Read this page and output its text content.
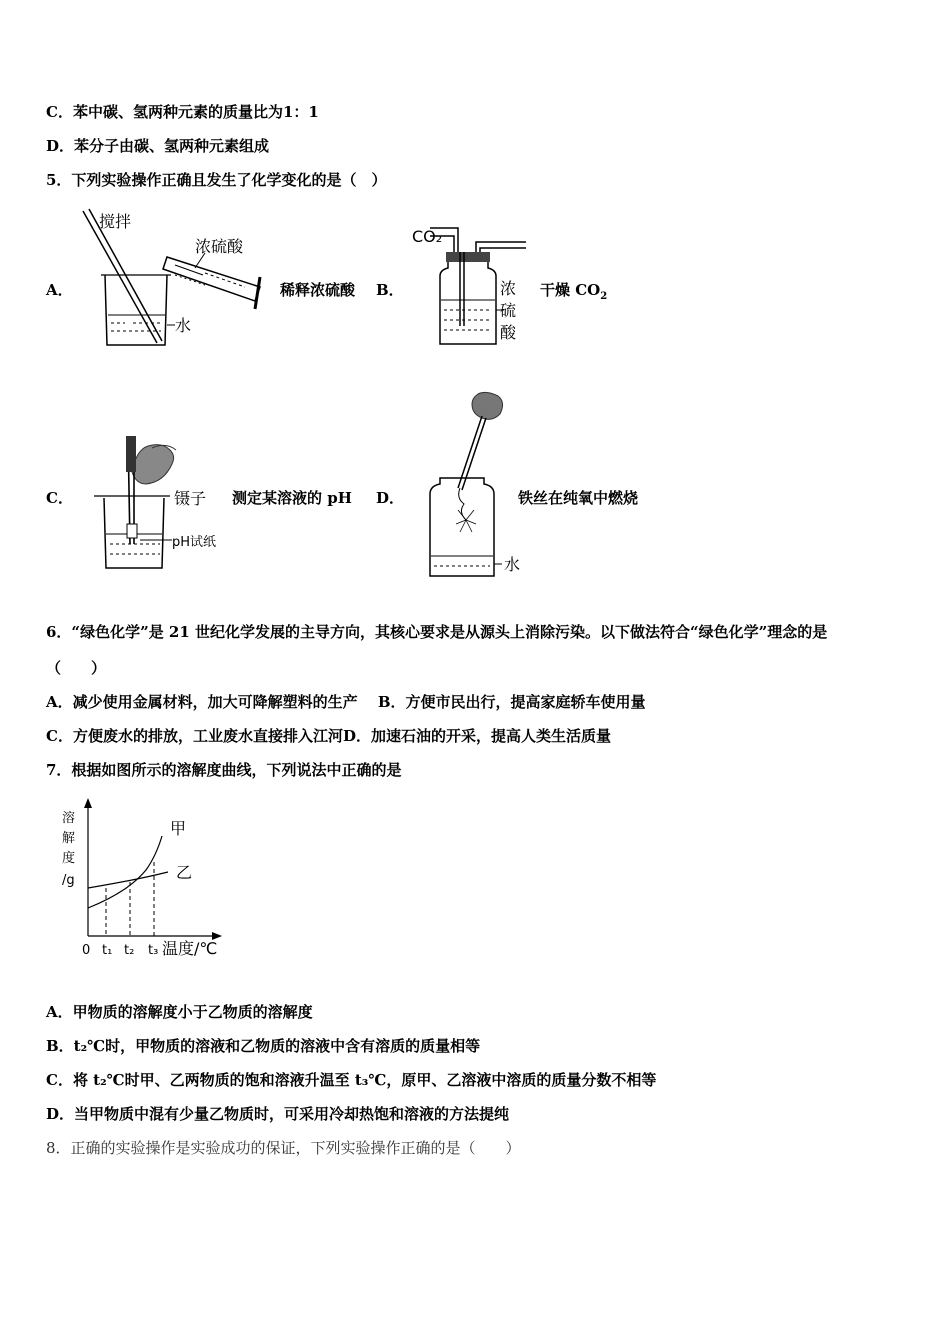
C．苯中碳、氢两种元素的质量比为1：1
D．苯分子由碳、氢两种元素组成
5．下列实验操作正确且发生了化学变化的是（　）
A．
搅拌
浓硫酸
水
稀释浓硫酸 B．
CO₂
浓
硫
酸
干燥 $CO_2$
C．	镊子
pH试纸
测定某溶液的 pH D．
水
铁丝在纯氧中燃烧
6．“绿色化学”是 21 世纪化学发展的主导方向，其核心要求是从源头上消除污染。以下做法符合“绿色化学”理念的是
（　　）
A．减少使用金属材料，加大可降解塑料的生产　 B．方便市民出行，提高家庭轿车使用量
C．方便废水的排放，工业废水直接排入江河D．加速石油的开采，提高人类生活质量
7．根据如图所示的溶解度曲线，下列说法中正确的是
溶
解
度
/g
甲
乙
0 t₁ t₂ t₃ 温度/℃
A．甲物质的溶解度小于乙物质的溶解度
B．t₂℃时，甲物质的溶液和乙物质的溶液中含有溶质的质量相等
C．将 t₂℃时甲、乙两物质的饱和溶液升温至 t₃℃，原甲、乙溶液中溶质的质量分数不相等
D．当甲物质中混有少量乙物质时，可采用冷却热饱和溶液的方法提纯
8．正确的实验操作是实验成功的保证，下列实验操作正确的是（　　）
